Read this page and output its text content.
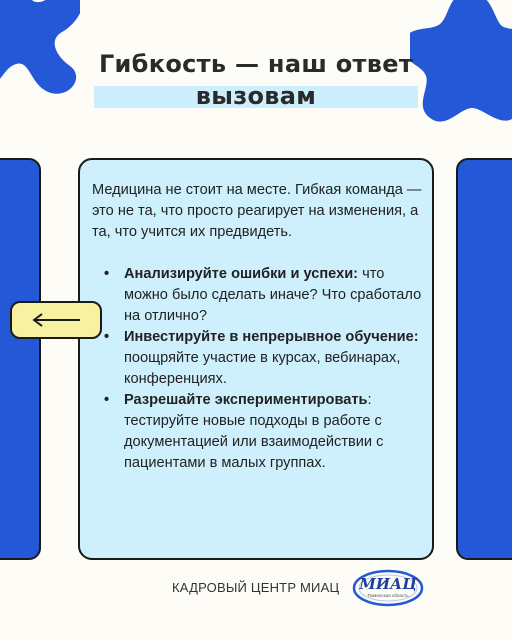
Гибкость — наш ответ
вызовам
Медицина не стоит на месте. Гибкая команда — это не та, что просто реагирует на изменения, а та, что учится их предвидеть.
• Анализируйте ошибки и успехи: что можно было сделать иначе? Что сработало на отлично?
• Инвестируйте в непрерывное обучение: поощряйте участие в курсах, вебинарах, конференциях.
• Разрешайте экспериментировать: тестируйте новые подходы в работе с документацией или взаимодействии с пациентами в малых группах.
КАДРОВЫЙ ЦЕНТР МИАЦ	МИАЦ
Тюменская область
